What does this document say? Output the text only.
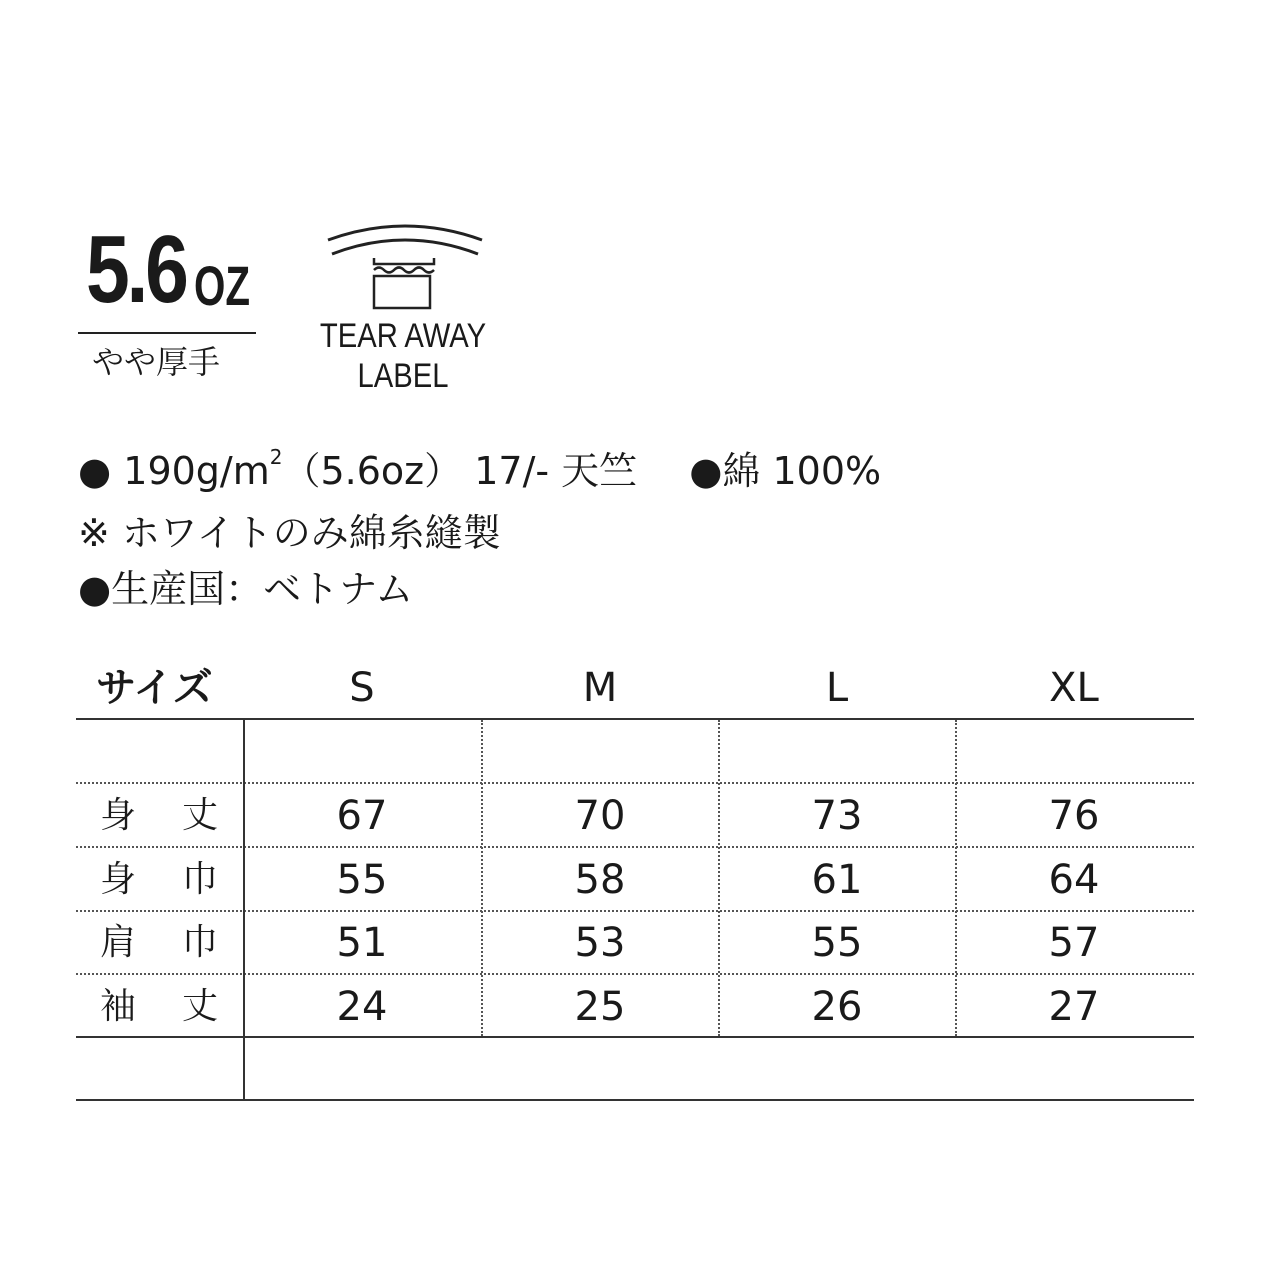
5.6 OZ
やや厚手
TEAR AWAY
LABEL
● $190g/m^2(5.6oz)$ 17/- 天竺 ●綿 100%
※ ホワイトのみ綿糸縫製
●生産国：ベトナム
サイズ	S	M	L	XL
身 丈	67	70	73	76
身 巾	55	58	61	64
肩 巾	51	53	55	57
袖 丈	24	25	26	27
